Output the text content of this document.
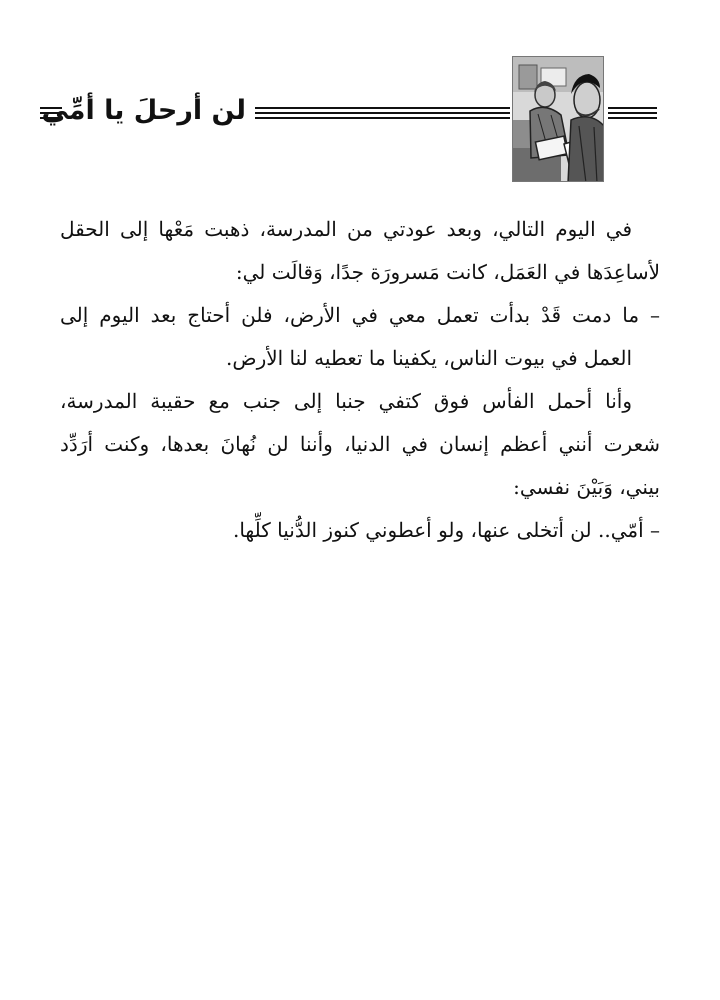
لن أرحلَ يا أمِّي
في اليوم التالي، وبعد عودتي من المدرسة، ذهبت مَعْها إلى الحقل
لأساعِدَها في العَمَل، كانت مَسرورَة جدًا، وَقالَت لي:
– ما دمت قَدْ بدأت تعمل معي في الأرض، فلن أحتاج بعد اليوم إلى
العمل في بيوت الناس، يكفينا ما تعطيه لنا الأرض.
وأنا أحمل الفأس فوق كتفي جنبا إلى جنب مع حقيبة المدرسة،
شعرت أنني أعظم إنسان في الدنيا، وأننا لن نُهانَ بعدها، وكنت أرَدِّد
بيني، وَبَيْنَ نفسي:
– أمّي.. لن أتخلى عنها، ولو أعطوني كنوز الدُّنيا كلِّها.
